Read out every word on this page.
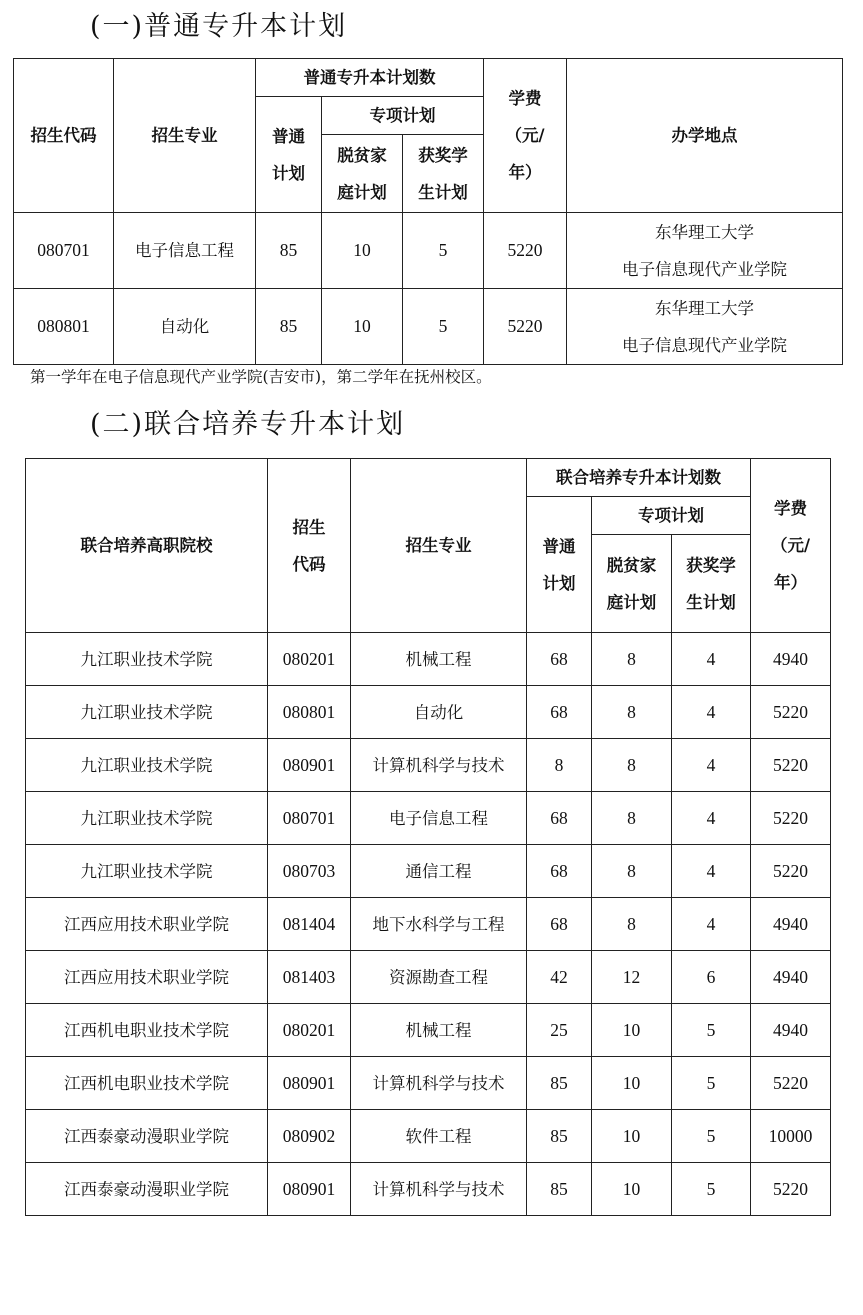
(一)普通专升本计划
招生代码	招生专业	普通专升本计划数			学费
（元/
年）	办学地点
		普通
计划	专项计划			
			脱贫家
庭计划	获奖学
生计划		
080701	电子信息工程	85	10	5	5220	东华理工大学
电子信息现代产业学院
080801	自动化	85	10	5	5220	东华理工大学
电子信息现代产业学院
第一学年在电子信息现代产业学院(吉安市)，第二学年在抚州校区。
(二)联合培养专升本计划
联合培养高职院校	招生
代码	招生专业	联合培养专升本计划数			学费
（元/
年）
			普通
计划	专项计划		
				脱贫家
庭计划	获奖学
生计划	
九江职业技术学院	080201	机械工程	68	8	4	4940
九江职业技术学院	080801	自动化	68	8	4	5220
九江职业技术学院	080901	计算机科学与技术	8	8	4	5220
九江职业技术学院	080701	电子信息工程	68	8	4	5220
九江职业技术学院	080703	通信工程	68	8	4	5220
江西应用技术职业学院	081404	地下水科学与工程	68	8	4	4940
江西应用技术职业学院	081403	资源勘查工程	42	12	6	4940
江西机电职业技术学院	080201	机械工程	25	10	5	4940
江西机电职业技术学院	080901	计算机科学与技术	85	10	5	5220
江西泰豪动漫职业学院	080902	软件工程	85	10	5	10000
江西泰豪动漫职业学院	080901	计算机科学与技术	85	10	5	5220
